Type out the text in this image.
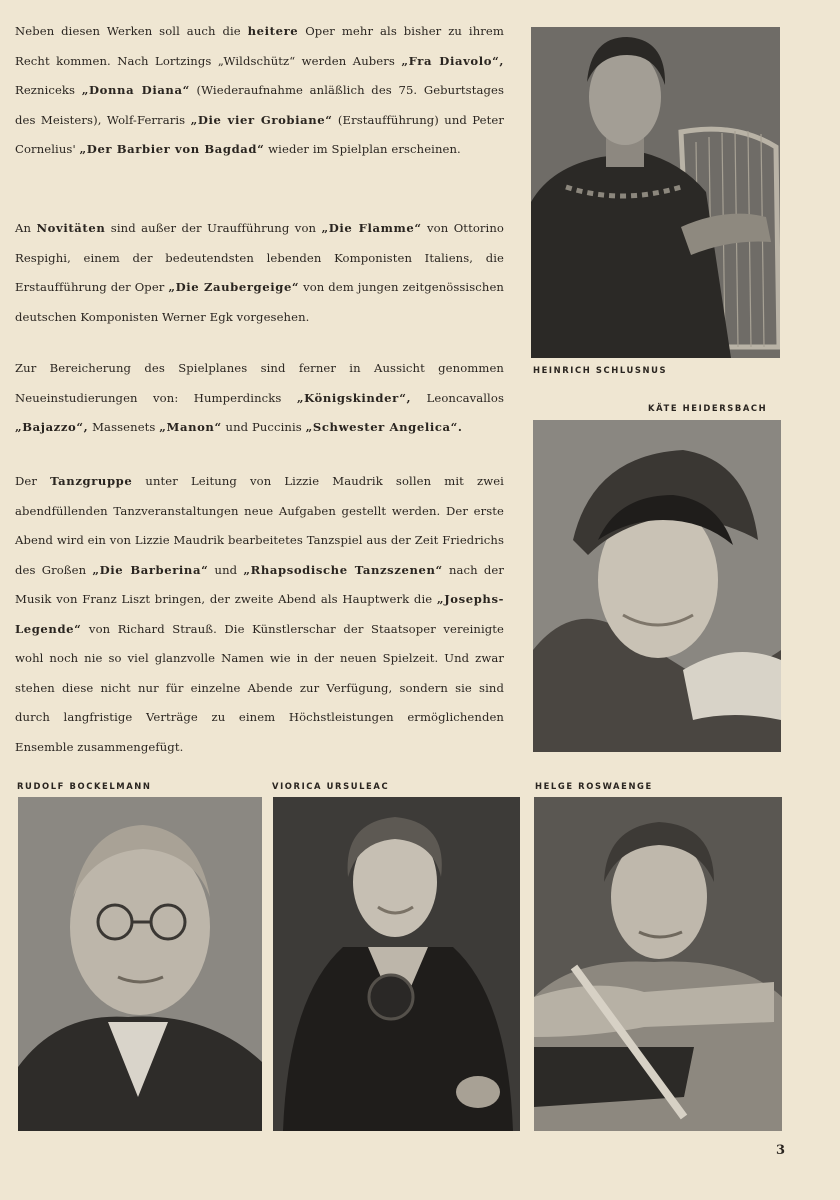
Neben diesen Werken soll auch die heitere Oper mehr als bisher zu ihrem Recht kommen. Nach Lortzings „Wildschütz“ werden Aubers „Fra Diavolo“, Rezniceks „Donna Diana“ (Wiederaufnahme anläßlich des 75. Geburtstages des Meisters), Wolf-Ferraris „Die vier Grobiane“ (Erstaufführung) und Peter Cornelius' „Der Barbier von Bagdad“ wieder im Spielplan erscheinen.

An Novitäten sind außer der Uraufführung von „Die Flamme“ von Ottorino Respighi, einem der bedeutendsten lebenden Komponisten Italiens, die Erstaufführung der Oper „Die Zaubergeige“ von dem jungen zeitgenössischen deutschen Komponisten Werner Egk vorgesehen.

Zur Bereicherung des Spielplanes sind ferner in Aussicht genommen Neueinstudierungen von: Humperdincks „Königskinder“, Leoncavallos „Bajazzo“, Massenets „Manon“ und Puccinis „Schwester Angelica“.

Der Tanzgruppe unter Leitung von Lizzie Maudrik sollen mit zwei abendfüllenden Tanzveranstaltungen neue Aufgaben gestellt werden. Der erste Abend wird ein von Lizzie Maudrik bearbeitetes Tanzspiel aus der Zeit Friedrichs des Großen „Die Barberina“ und „Rhapsodische Tanzszenen“ nach der Musik von Franz Liszt bringen, der zweite Abend als Hauptwerk die „Josephs-Legende“ von Richard Strauß. Die Künstlerschar der Staatsoper vereinigte wohl noch nie so viel glanzvolle Namen wie in der neuen Spielzeit. Und zwar stehen diese nicht nur für einzelne Abende zur Verfügung, sondern sie sind durch langfristige Verträge zu einem Höchstleistungen ermöglichenden Ensemble zusammengefügt.

HEINRICH SCHLUSNUS
KÄTE HEIDERSBACH
RUDOLF BOCKELMANN	VIORICA URSULEAC	HELGE ROSWAENGE
3
